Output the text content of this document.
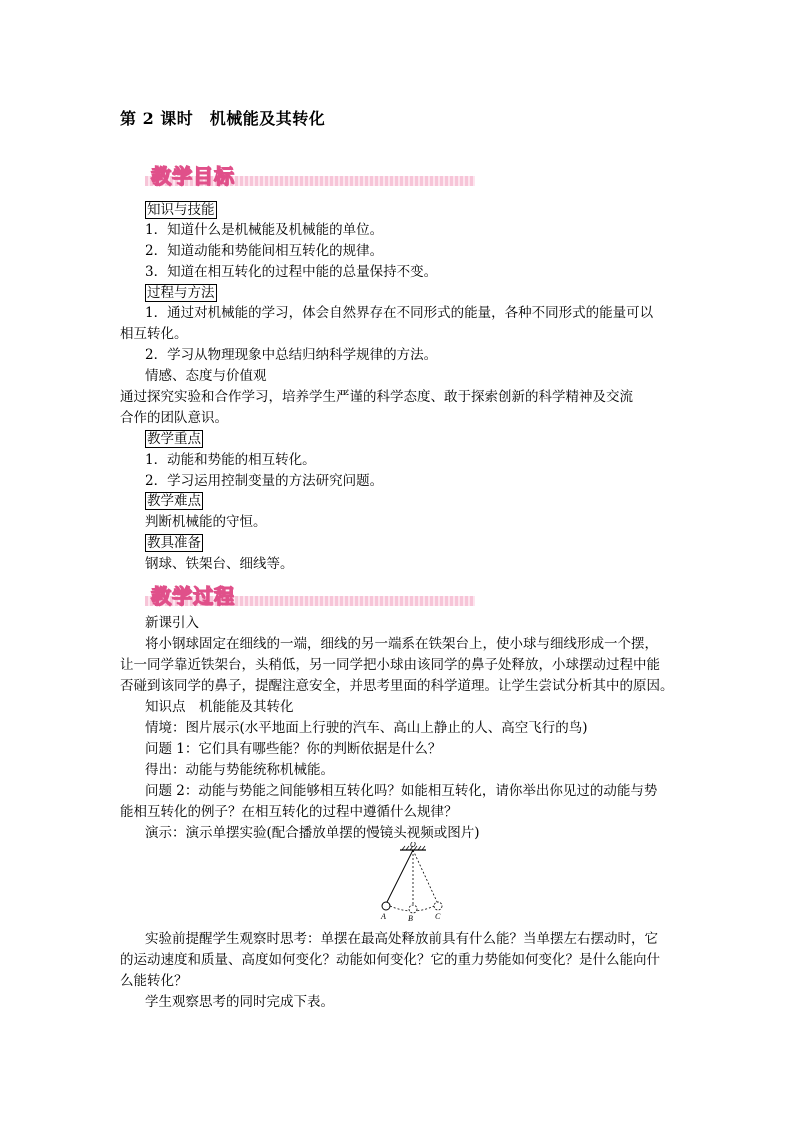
第 2 课时　机械能及其转化
教学目标
知识与技能
1．知道什么是机械能及机械能的单位。
2．知道动能和势能间相互转化的规律。
3．知道在相互转化的过程中能的总量保持不变。
过程与方法
1．通过对机械能的学习，体会自然界存在不同形式的能量，各种不同形式的能量可以
相互转化。
2．学习从物理现象中总结归纳科学规律的方法。
情感、态度与价值观
通过探究实验和合作学习，培养学生严谨的科学态度、敢于探索创新的科学精神及交流
合作的团队意识。
教学重点
1．动能和势能的相互转化。
2．学习运用控制变量的方法研究问题。
教学难点
判断机械能的守恒。
教具准备
钢球、铁架台、细线等。
教学过程
新课引入
将小钢球固定在细线的一端，细线的另一端系在铁架台上，使小球与细线形成一个摆，
让一同学靠近铁架台，头稍低，另一同学把小球由该同学的鼻子处释放，小球摆动过程中能
否碰到该同学的鼻子，提醒注意安全，并思考里面的科学道理。让学生尝试分析其中的原因。
知识点　机能能及其转化
情境：图片展示(水平地面上行驶的汽车、高山上静止的人、高空飞行的鸟)
问题 1：它们具有哪些能？你的判断依据是什么？
得出：动能与势能统称机械能。
问题 2：动能与势能之间能够相互转化吗？如能相互转化，请你举出你见过的动能与势
能相互转化的例子？在相互转化的过程中遵循什么规律？
演示：演示单摆实验(配合播放单摆的慢镜头视频或图片)
O
A	B	C
实验前提醒学生观察时思考：单摆在最高处释放前具有什么能？当单摆左右摆动时，它
的运动速度和质量、高度如何变化？动能如何变化？它的重力势能如何变化？是什么能向什
么能转化？
学生观察思考的同时完成下表。
